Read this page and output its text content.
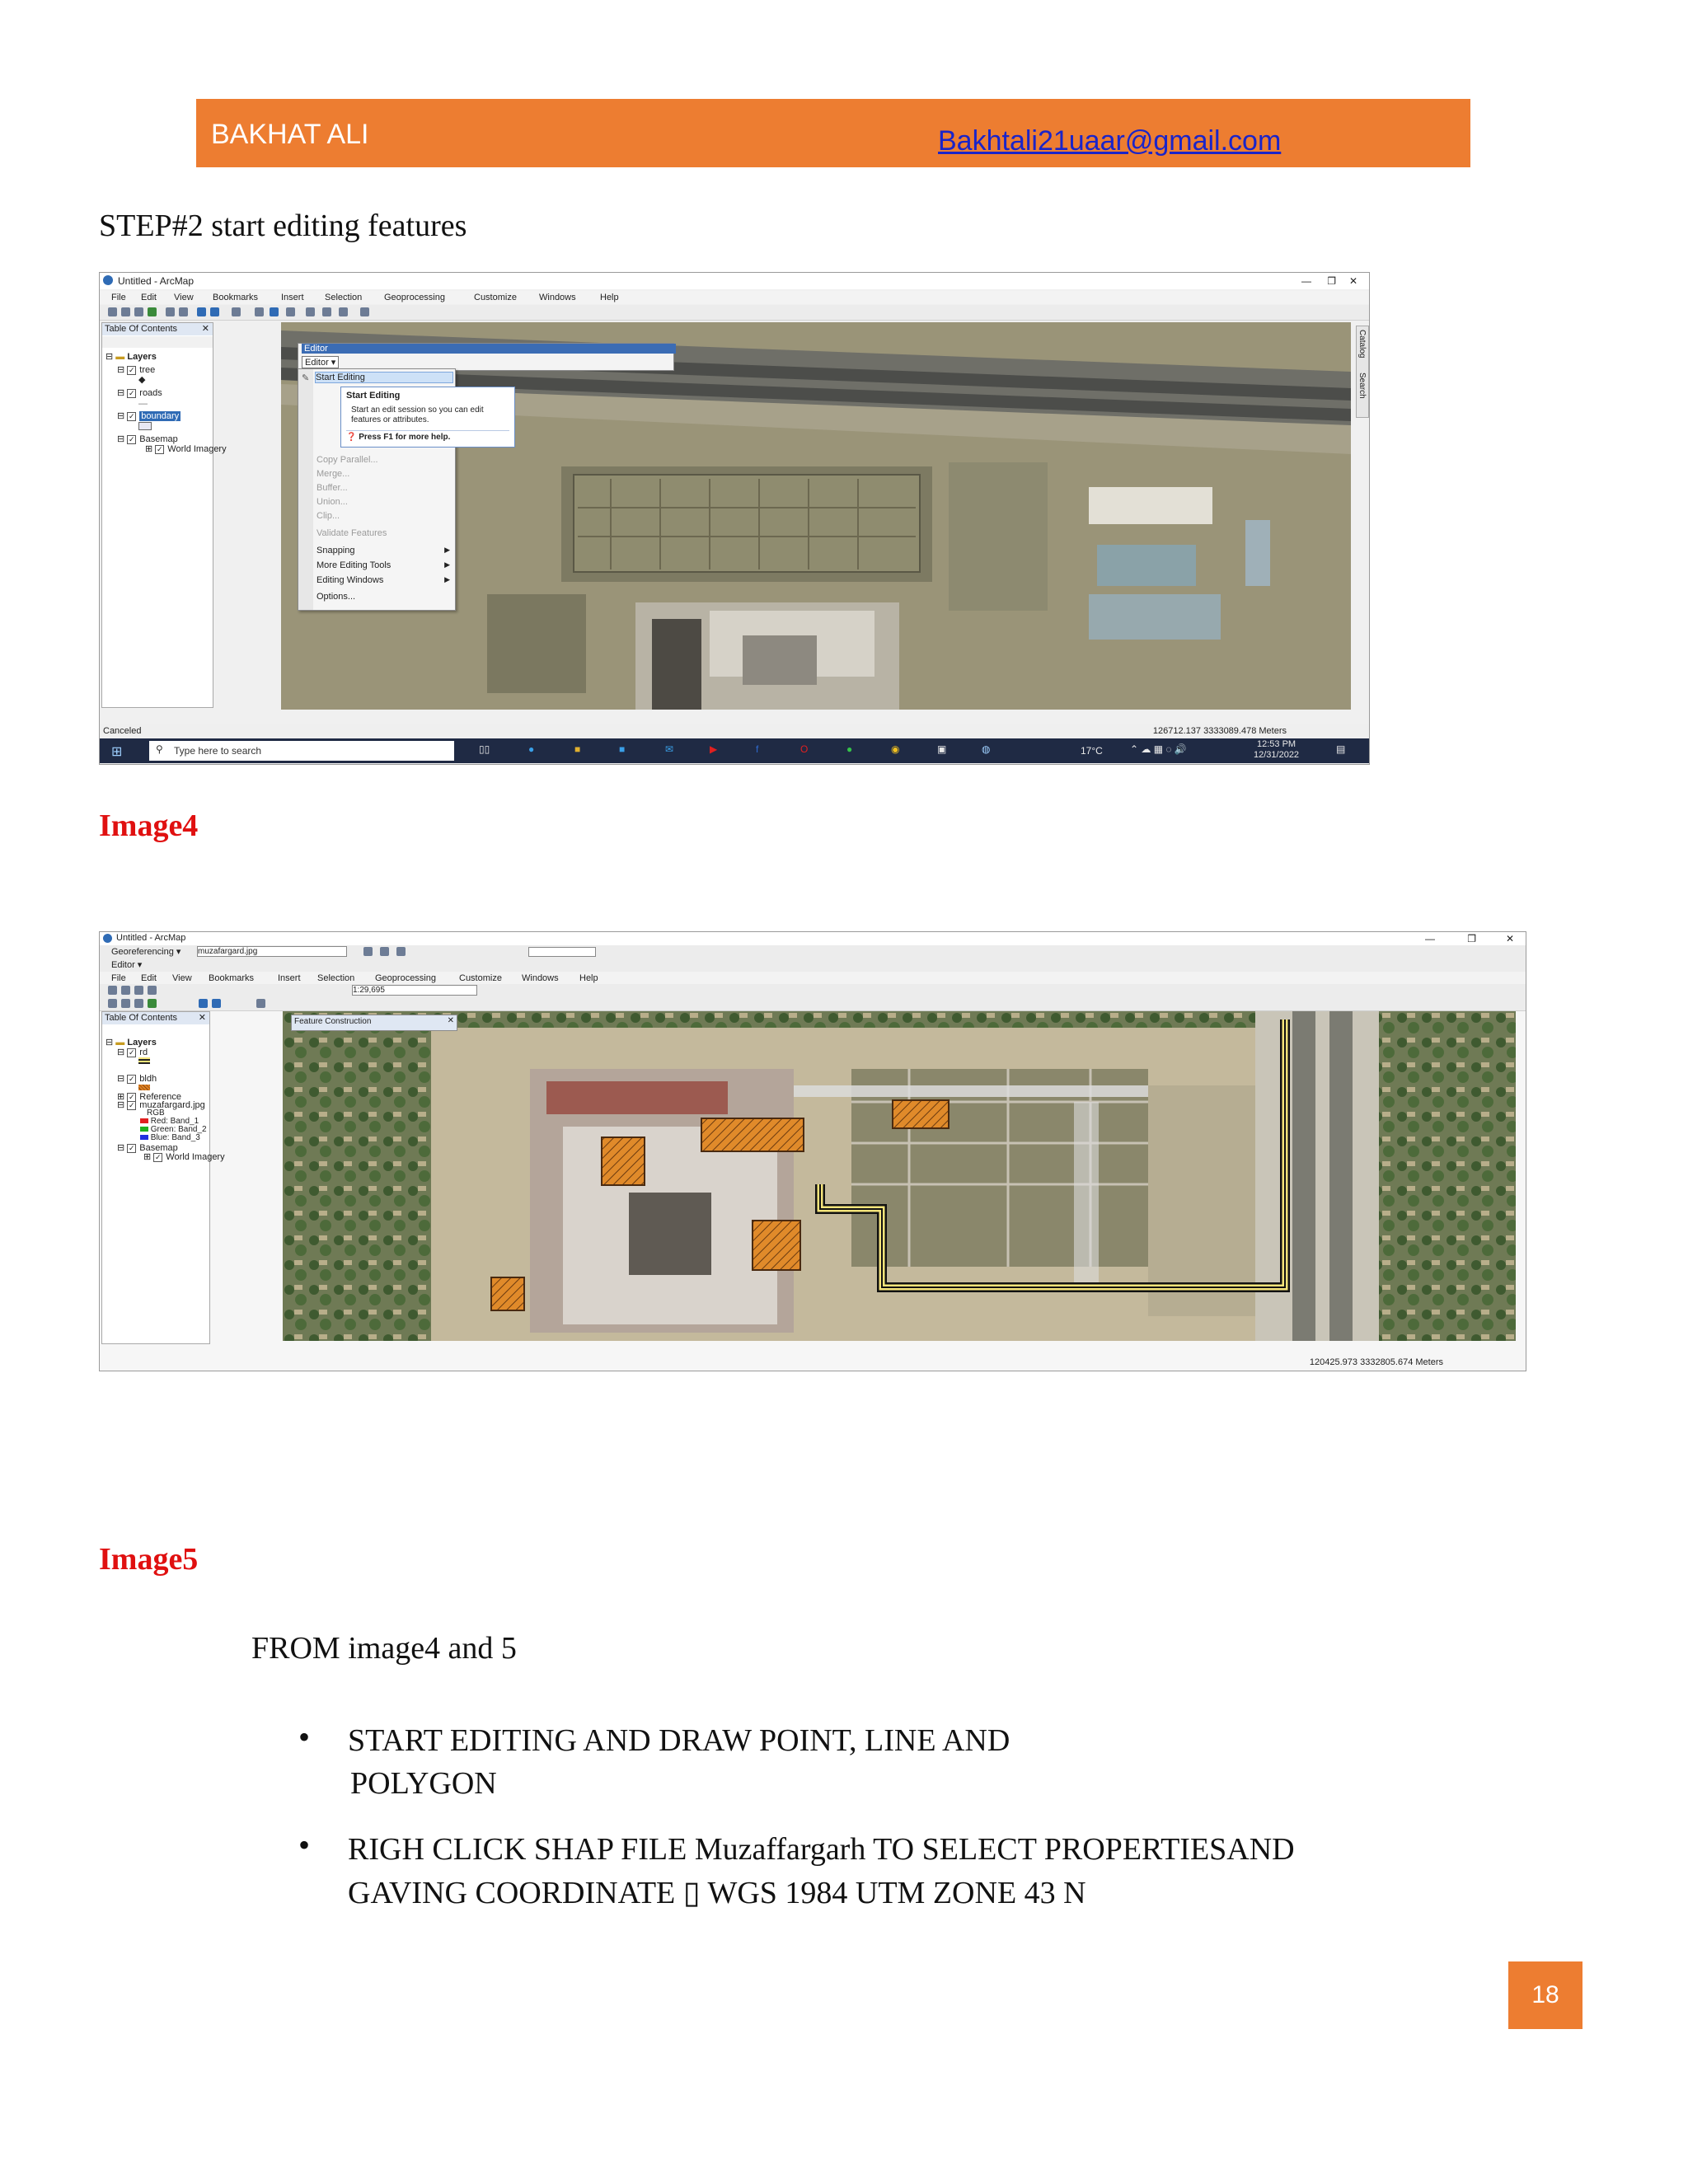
BAKHAT ALI	Bakhtali21uaar@gmail.com
STEP#2 start editing features
Untitled - ArcMap	— ❐ ✕
File Edit View Bookmarks	Insert Selection Geoprocessing	Customize Windows	Help
Table Of Contents	✕
⊟ ▬ Layers
⊟ ✓ tree
◆
⊟ ✓ roads
—
⊟ ✓ boundary
⊟ ✓ Basemap
⊞ ✓ World Imagery
Editor
Editor ▾
Start Editing
✎
Copy Parallel...
Merge...
Buffer...
Union...
Clip...
Validate Features
Snapping	▶
More Editing Tools	▶
Editing Windows	▶
Options...
Start Editing
Start an edit session so you can edit features or attributes.
❓ Press F1 for more help.
Catalog
Search
Canceled	126712.137 3333089.478 Meters
⊞	⚲ Type here to search	▯▯	●	■	■	✉	▶	f	O	●	◉	▣	◍	17°C	⌃ ☁ ▦ ◌ 🔊	12:53 PM
12/31/2022	▤
Image4
Untitled - ArcMap	—	❐	✕
Georeferencing ▾ muzafargard.jpg
Editor ▾
File Edit View Bookmarks	Insert Selection Geoprocessing	Customize Windows Help
1:29,695
Table Of Contents ✕
⊟ ▬ Layers
⊟ ✓ rd
⊟ ✓ bldh
⊞ ✓ Reference
⊟ ✓ muzafargard.jpg
RGB
Red: Band_1
Green: Band_2
Blue: Band_3
⊟ ✓ Basemap
⊞ ✓ World Imagery
Feature Construction	✕
120425.973 3332805.674 Meters
Image5
FROM image4 and 5
• START EDITING AND DRAW POINT, LINE AND
POLYGON
• RIGH CLICK SHAP FILE Muzaffargarh TO SELECT PROPERTIESAND
GAVING COORDINATE ▯ WGS 1984 UTM ZONE 43 N
18
